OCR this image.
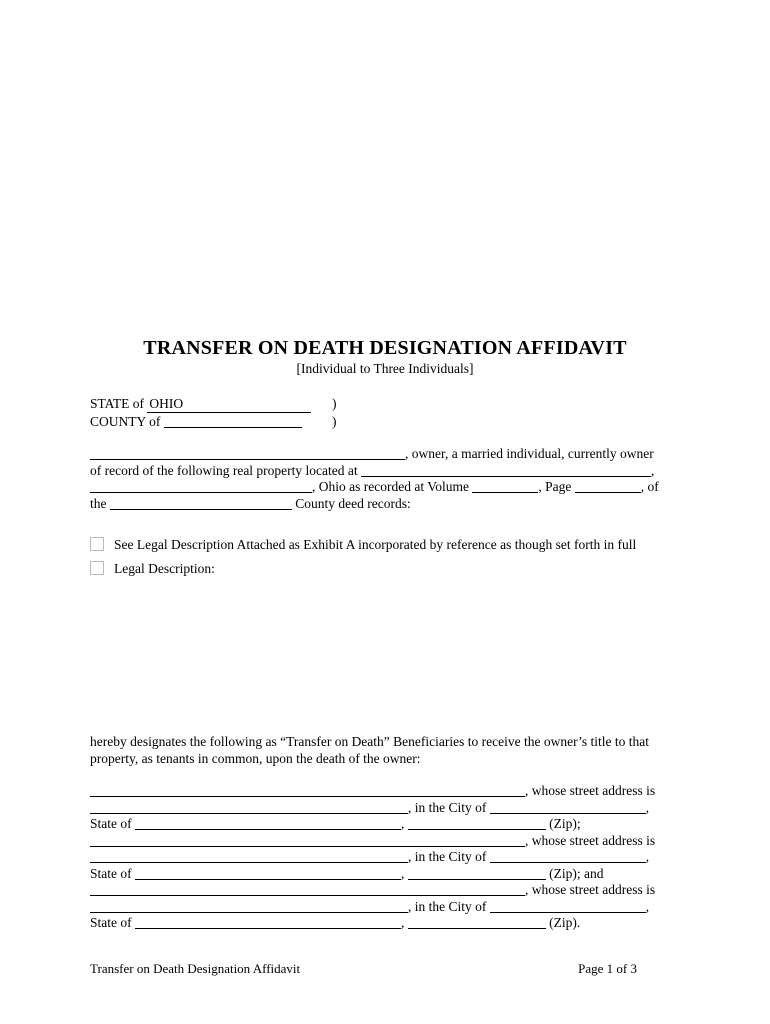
TRANSFER ON DEATH DESIGNATION AFFIDAVIT
[Individual to Three Individuals]
STATE of OHIO	)
COUNTY of	)
, owner, a married individual, currently owner
of record of the following real property located at	,
, Ohio as recorded at Volume	, Page	, of
the	County deed records:
See Legal Description Attached as Exhibit A incorporated by reference as though set forth in full
Legal Description:
hereby designates the following as “Transfer on Death” Beneficiaries to receive the owner’s title to that property, as tenants in common, upon the death of the owner:
, whose street address is
, in the City of	,
State of	,	(Zip);
, whose street address is
, in the City of	,
State of	,	(Zip); and
, whose street address is
, in the City of	,
State of	,	(Zip).
Transfer on Death Designation Affidavit	Page 1 of 3
